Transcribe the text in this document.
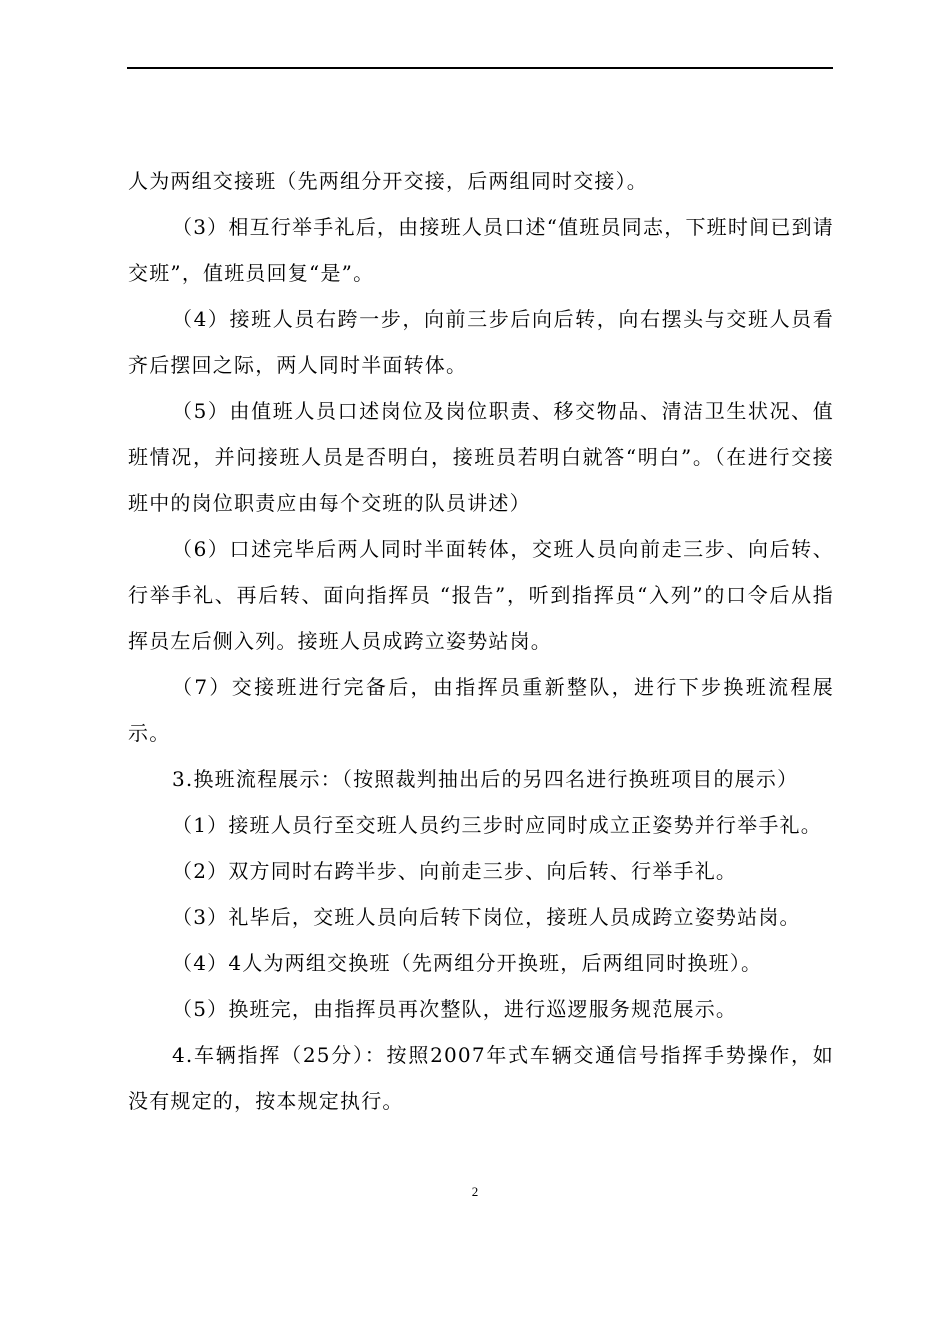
人为两组交接班（先两组分开交接，后两组同时交接）。

（3）相互行举手礼后，由接班人员口述“值班员同志，下班时间已到请交班”，值班员回复“是”。

（4）接班人员右跨一步，向前三步后向后转，向右摆头与交班人员看齐后摆回之际，两人同时半面转体。

（5）由值班人员口述岗位及岗位职责、移交物品、清洁卫生状况、值班情况，并问接班人员是否明白，接班员若明白就答“明白”。（在进行交接班中的岗位职责应由每个交班的队员讲述）

（6）口述完毕后两人同时半面转体，交班人员向前走三步、向后转、行举手礼、再后转、面向指挥员 “报告”，听到指挥员“入列”的口令后从指挥员左后侧入列。接班人员成跨立姿势站岗。

（7）交接班进行完备后，由指挥员重新整队，进行下步换班流程展示。

3.换班流程展示：（按照裁判抽出后的另四名进行换班项目的展示）

（1）接班人员行至交班人员约三步时应同时成立正姿势并行举手礼。

（2）双方同时右跨半步、向前走三步、向后转、行举手礼。

（3）礼毕后，交班人员向后转下岗位，接班人员成跨立姿势站岗。

（4）4人为两组交换班（先两组分开换班，后两组同时换班）。

（5）换班完，由指挥员再次整队，进行巡逻服务规范展示。

4.车辆指挥（25分）：按照2007年式车辆交通信号指挥手势操作，如没有规定的，按本规定执行。

2
